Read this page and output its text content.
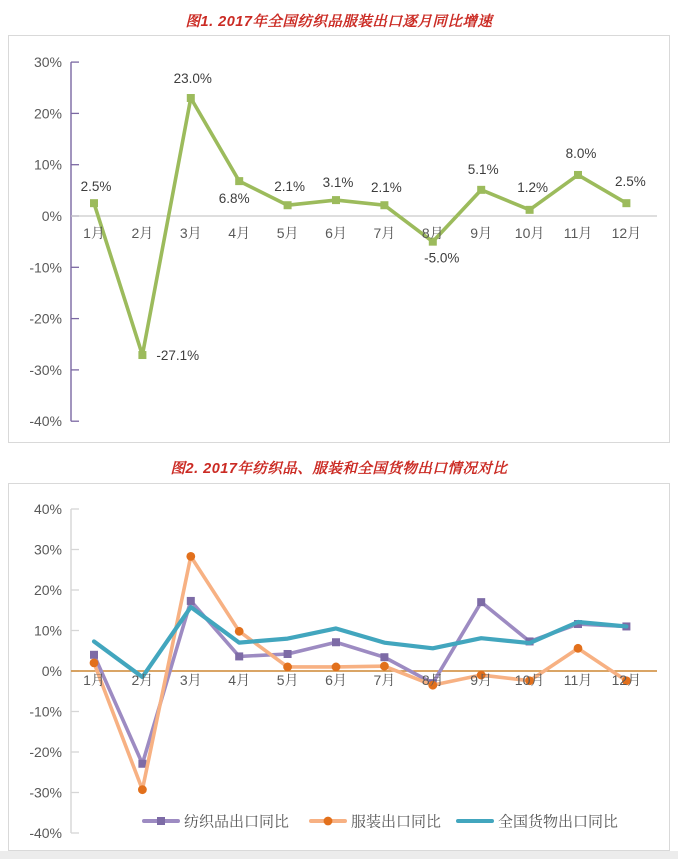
图1. 2017年全国纺织品服装出口逐月同比增速
30%
20%
10%
0%
-10%
-20%
-30%
-40%
1月 2月 3月 4月 5月 6月 7月 8月 9月 10月 11月 12月
2.5%
-27.1%
23.0%
6.8%
2.1% 3.1% 2.1%
-5.0%
5.1%
1.2%
8.0%
2.5%
图2. 2017年纺织品、服装和全国货物出口情况对比
40%
30%
20%
10%
0%
-10%
-20%
-30%
-40%
1月 2月 3月 4月 5月 6月 7月 8月 9月 10月 11月 12月
纺织品出口同比	服装出口同比	全国货物出口同比
